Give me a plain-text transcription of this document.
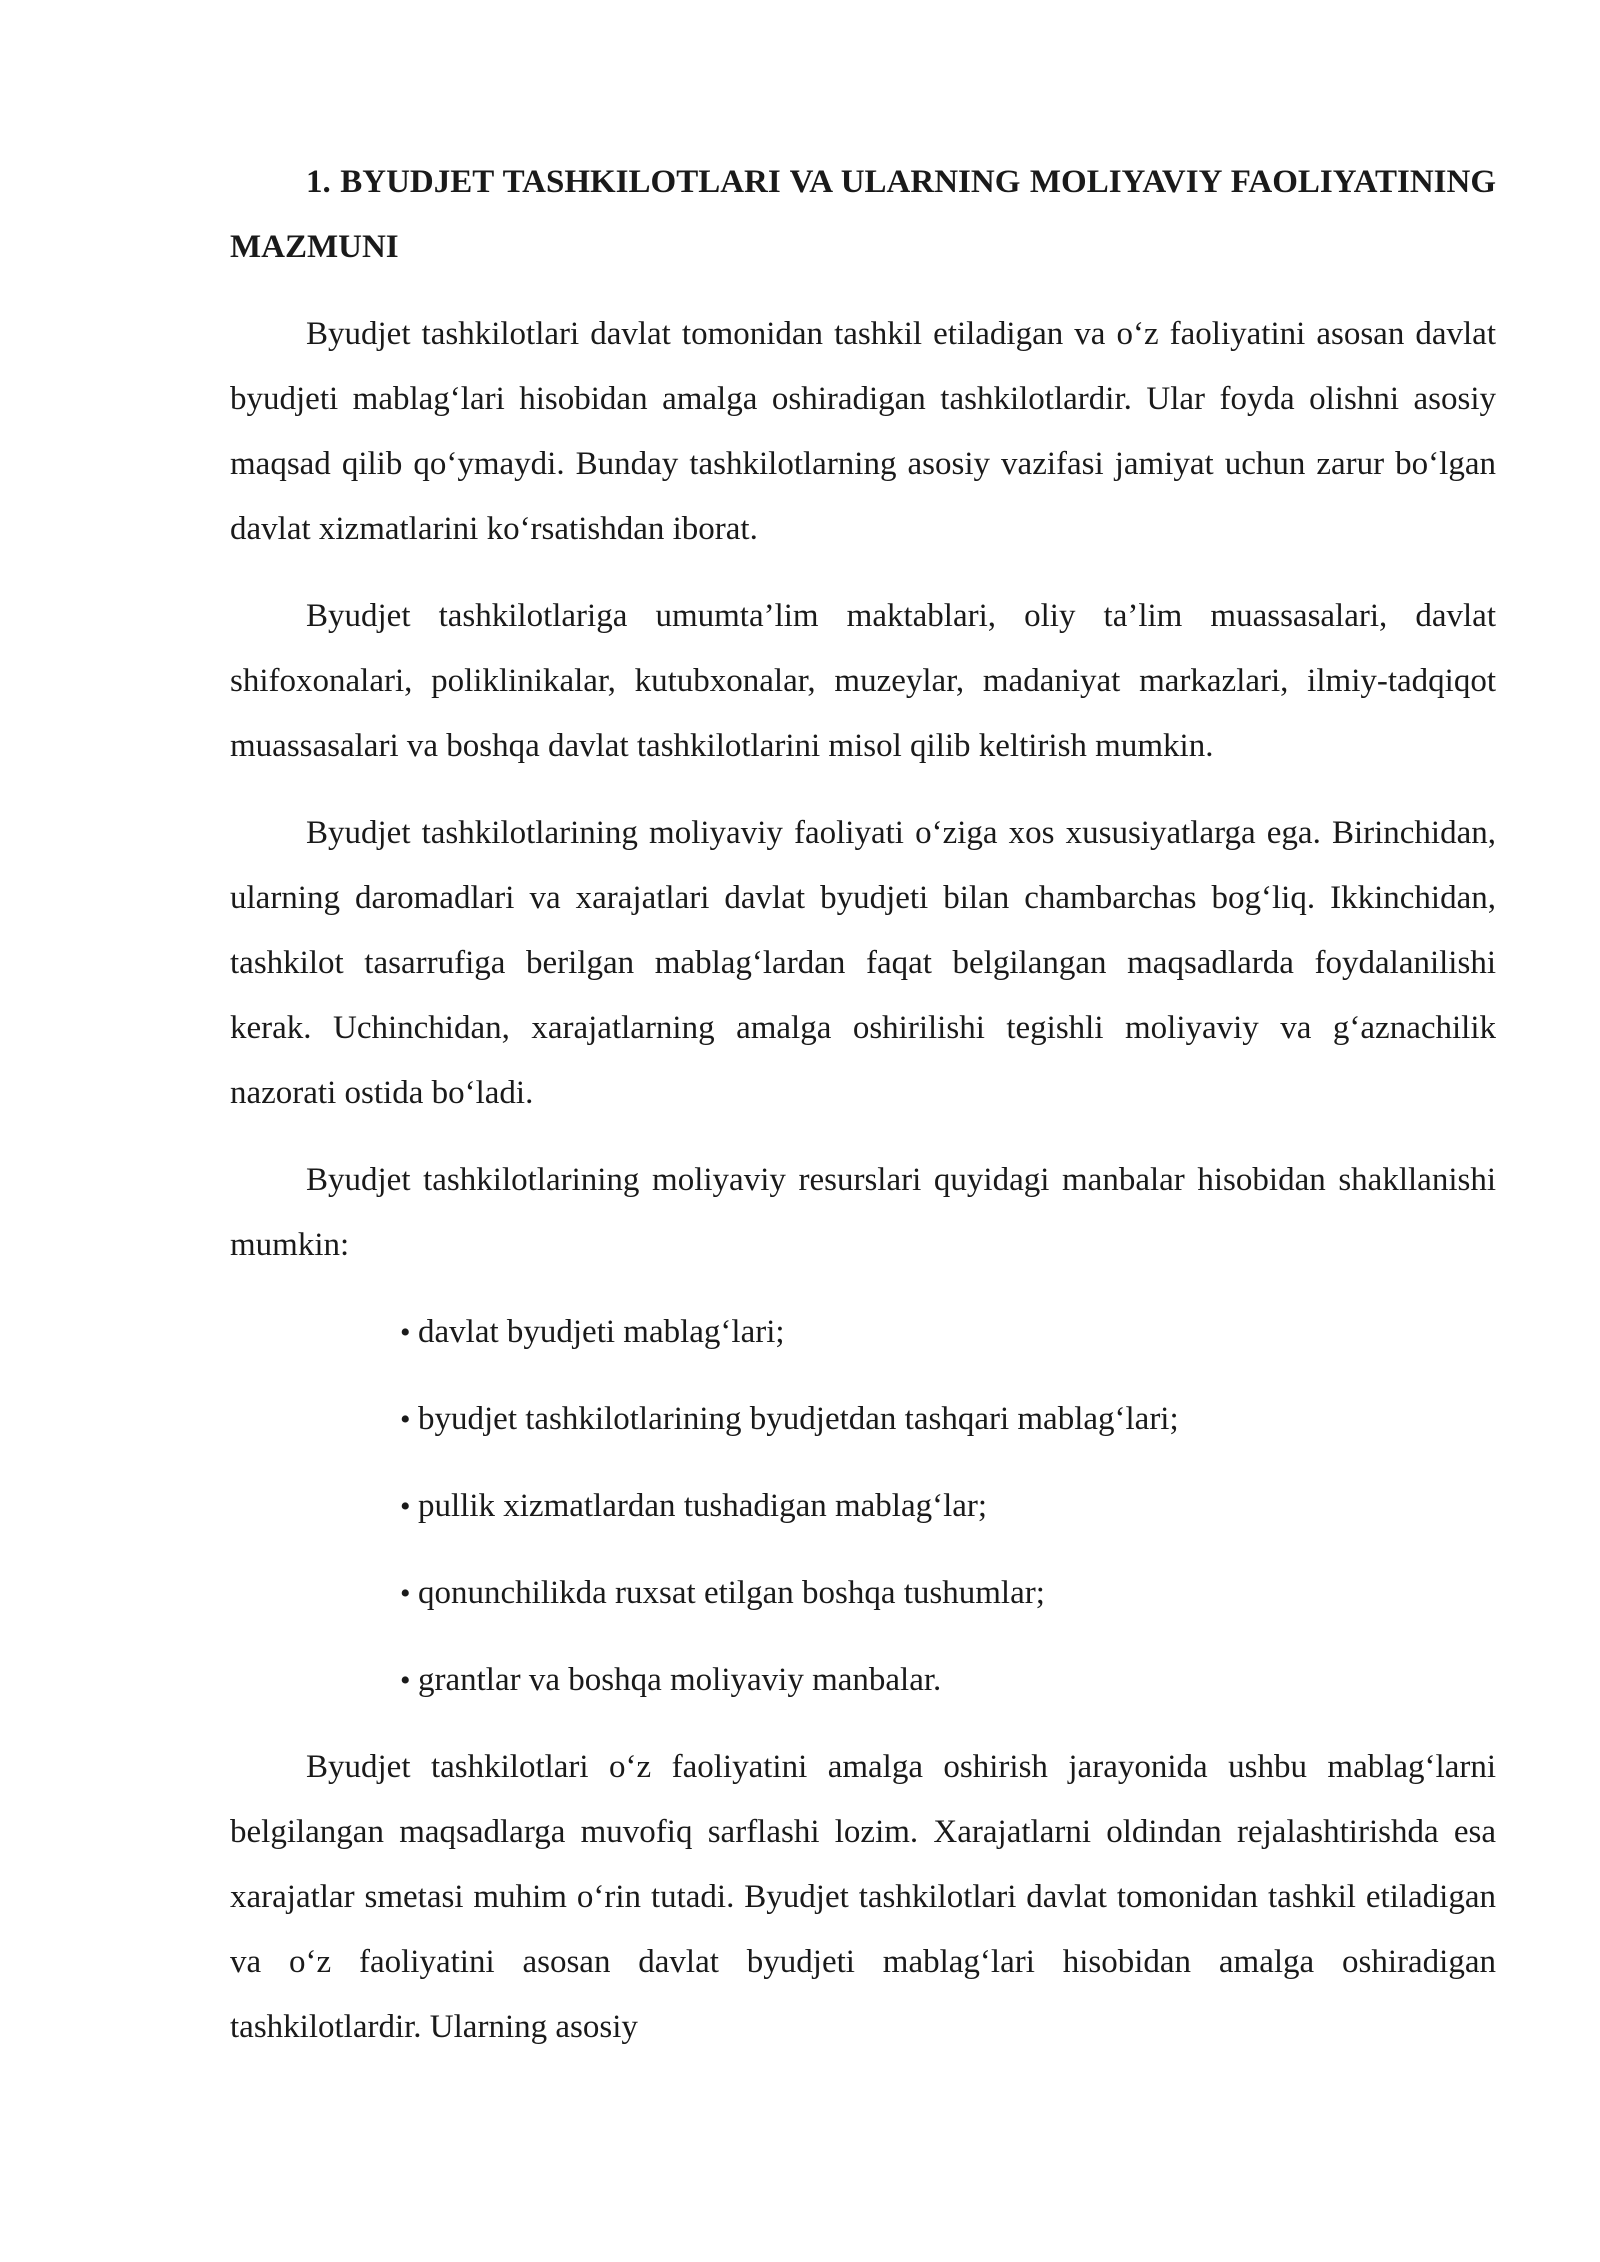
1. BYUDJET TASHKILOTLARI VA ULARNING MOLIYAVIY FAOLIYATINING MAZMUNI

Byudjet tashkilotlari davlat tomonidan tashkil etiladigan va o‘z faoliyatini asosan davlat byudjeti mablag‘lari hisobidan amalga oshiradigan tashkilotlardir. Ular foyda olishni asosiy maqsad qilib qo‘ymaydi. Bunday tashkilotlarning asosiy vazifasi jamiyat uchun zarur bo‘lgan davlat xizmatlarini ko‘rsatishdan iborat.

Byudjet tashkilotlariga umumta’lim maktablari, oliy ta’lim muassasalari, davlat shifoxonalari, poliklinikalar, kutubxonalar, muzeylar, madaniyat markazlari, ilmiy-tadqiqot muassasalari va boshqa davlat tashkilotlarini misol qilib keltirish mumkin.

Byudjet tashkilotlarining moliyaviy faoliyati o‘ziga xos xususiyatlarga ega. Birinchidan, ularning daromadlari va xarajatlari davlat byudjeti bilan chambarchas bog‘liq. Ikkinchidan, tashkilot tasarrufiga berilgan mablag‘lardan faqat belgilangan maqsadlarda foydalanilishi kerak. Uchinchidan, xarajatlarning amalga oshirilishi tegishli moliyaviy va g‘aznachilik nazorati ostida bo‘ladi.

Byudjet tashkilotlarining moliyaviy resurslari quyidagi manbalar hisobidan shakllanishi mumkin:

• davlat byudjeti mablag‘lari;
• byudjet tashkilotlarining byudjetdan tashqari mablag‘lari;
• pullik xizmatlardan tushadigan mablag‘lar;
• qonunchilikda ruxsat etilgan boshqa tushumlar;
• grantlar va boshqa moliyaviy manbalar.

Byudjet tashkilotlari o‘z faoliyatini amalga oshirish jarayonida ushbu mablag‘larni belgilangan maqsadlarga muvofiq sarflashi lozim. Xarajatlarni oldindan rejalashtirishda esa xarajatlar smetasi muhim o‘rin tutadi. Byudjet tashkilotlari davlat tomonidan tashkil etiladigan va o‘z faoliyatini asosan davlat byudjeti mablag‘lari hisobidan amalga oshiradigan tashkilotlardir. Ularning asosiy
